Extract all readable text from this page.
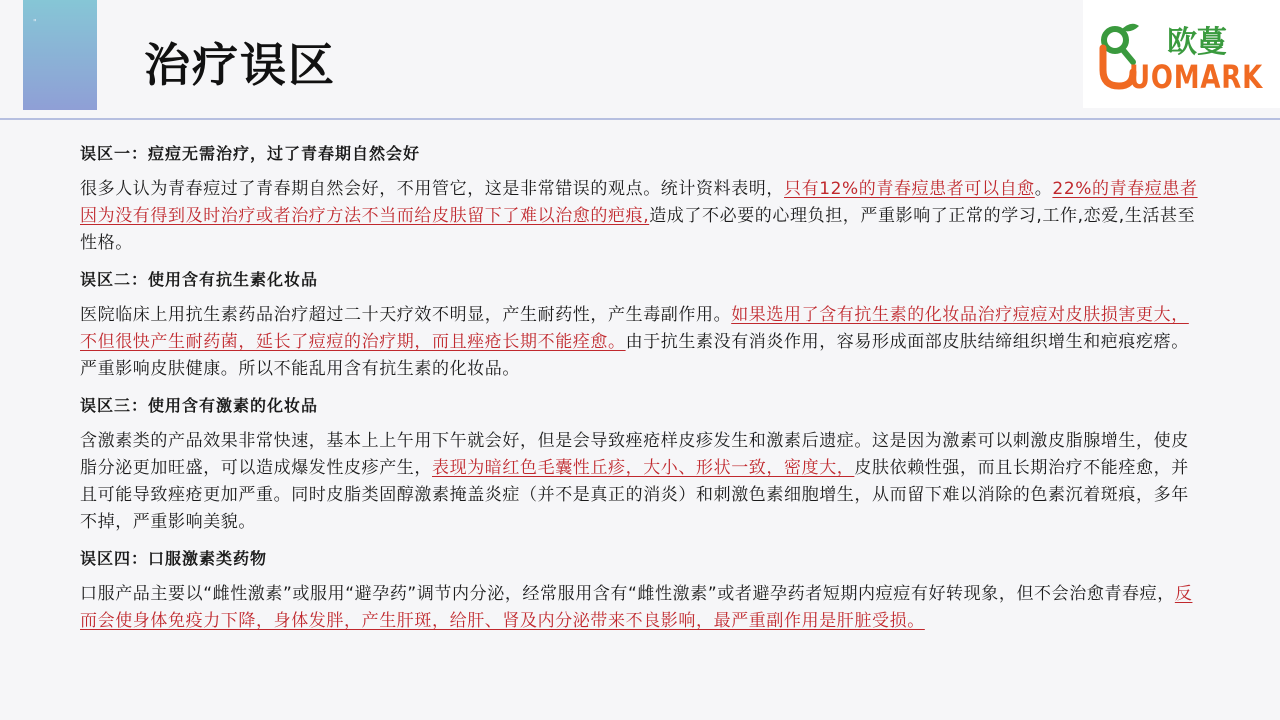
"
治疗误区	欧蔓
UOMARK
误区一：痘痘无需治疗，过了青春期自然会好
很多人认为青春痘过了青春期自然会好，不用管它，这是非常错误的观点。统计资料表明，只有12%的青春痘患者可以自愈。22%的青春痘患者因为没有得到及时治疗或者治疗方法不当而给皮肤留下了难以治愈的疤痕,造成了不必要的心理负担，严重影响了正常的学习,工作,恋爱,生活甚至性格。
误区二：使用含有抗生素化妆品
医院临床上用抗生素药品治疗超过二十天疗效不明显，产生耐药性，产生毒副作用。如果选用了含有抗生素的化妆品治疗痘痘对皮肤损害更大，不但很快产生耐药菌，延长了痘痘的治疗期，而且痤疮长期不能痊愈。由于抗生素没有消炎作用，容易形成面部皮肤结缔组织增生和疤痕疙瘩。严重影响皮肤健康。所以不能乱用含有抗生素的化妆品。
误区三：使用含有激素的化妆品
含激素类的产品效果非常快速，基本上上午用下午就会好，但是会导致痤疮样皮疹发生和激素后遗症。这是因为激素可以刺激皮脂腺增生，使皮脂分泌更加旺盛，可以造成爆发性皮疹产生，表现为暗红色毛囊性丘疹，大小、形状一致，密度大，皮肤依赖性强，而且长期治疗不能痊愈，并且可能导致痤疮更加严重。同时皮脂类固醇激素掩盖炎症（并不是真正的消炎）和刺激色素细胞增生，从而留下难以消除的色素沉着斑痕，多年不掉，严重影响美貌。
误区四：口服激素类药物
口服产品主要以“雌性激素”或服用“避孕药”调节内分泌，经常服用含有“雌性激素”或者避孕药者短期内痘痘有好转现象，但不会治愈青春痘，反而会使身体免疫力下降，身体发胖，产生肝斑，给肝、肾及内分泌带来不良影响，最严重副作用是肝脏受损。
